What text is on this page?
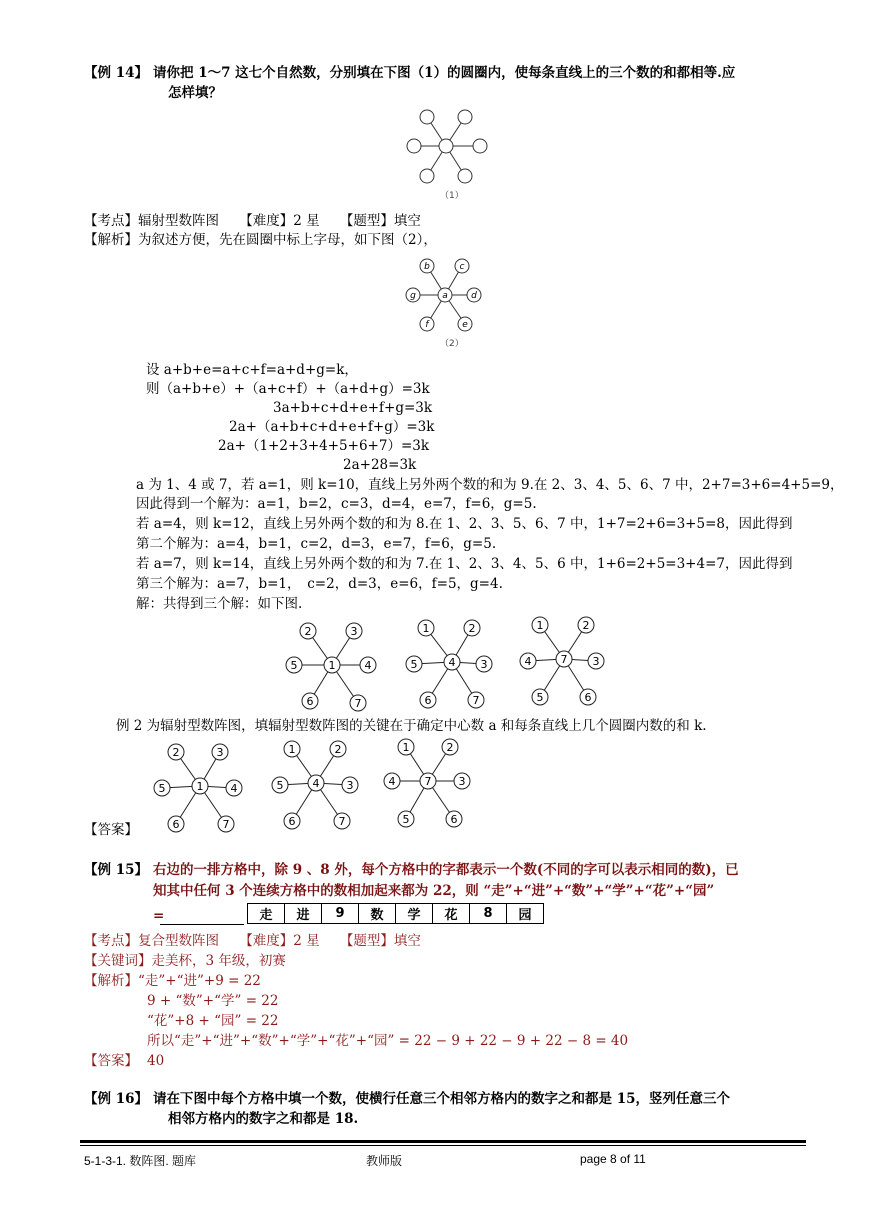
【例 14】 请你把 1～7 这七个自然数，分别填在下图（1）的圆圈内，使每条直线上的三个数的和都相等.应
怎样填？
（1）
【考点】辐射型数阵图　　【难度】2 星　　【题型】填空
【解析】为叙述方便，先在圆圈中标上字母，如下图（2），
a
b	c
d
e
f
g
（2）
设 a+b+e=a+c+f=a+d+g=k，
则（a+b+e）+（a+c+f）+（a+d+g）=3k
3a+b+c+d+e+f+g=3k
2a+（a+b+c+d+e+f+g）=3k
2a+（1+2+3+4+5+6+7）=3k
2a+28=3k
a 为 1、4 或 7，若 a=1，则 k=10，直线上另外两个数的和为 9.在 2、3、4、5、6、7 中，2+7=3+6=4+5=9，
因此得到一个解为：a=1，b=2，c=3，d=4，e=7，f=6，g=5.
若 a=4，则 k=12，直线上另外两个数的和为 8.在 1、2、3、5、6、7 中，1+7=2+6=3+5=8，因此得到
第二个解为：a=4，b=1，c=2，d=3，e=7，f=6，g=5.
若 a=7，则 k=14，直线上另外两个数的和为 7.在 1、2、3、4、5、6 中，1+6=2+5=3+4=7，因此得到
第三个解为：a=7，b=1，　c=2，d=3，e=6，f=5，g=4.
解：共得到三个解：如下图.
1
2	3
5	4
6	7
4
1	2
5	3
6	7
7
1	2
4	3
5	6
例 2 为辐射型数阵图，填辐射型数阵图的关键在于确定中心数 a 和每条直线上几个圆圈内数的和 k.
1
2	3
5	4
6	7
4
1	2
5	3
6	7
7
1	2
4	3
5	6
【答案】
【例 15】 右边的一排方格中，除 9 、8 外，每个方格中的字都表示一个数(不同的字可以表示相同的数)，已
知其中任何 3 个连续方格中的数相加起来都为 22，则 “走”+“进”+“数”+“学”+“花”+“园”
=	走	进	9	数	学	花	8	园
【考点】复合型数阵图　　【难度】2 星　　【题型】填空
【关键词】走美杯，3 年级，初赛
【解析】“走”+“进”+9 = 22
9 + “数”+“学” = 22
“花”+8 + “园” = 22
所以“走”+“进”+“数”+“学”+“花”+“园” = 22 − 9 + 22 − 9 + 22 − 8 = 40
【答案】 40
【例 16】 请在下图中每个方格中填一个数，使横行任意三个相邻方格内的数字之和都是 15，竖列任意三个
相邻方格内的数字之和都是 18.
5-1-3-1. 数阵图. 题库	教师版	page 8 of 11
